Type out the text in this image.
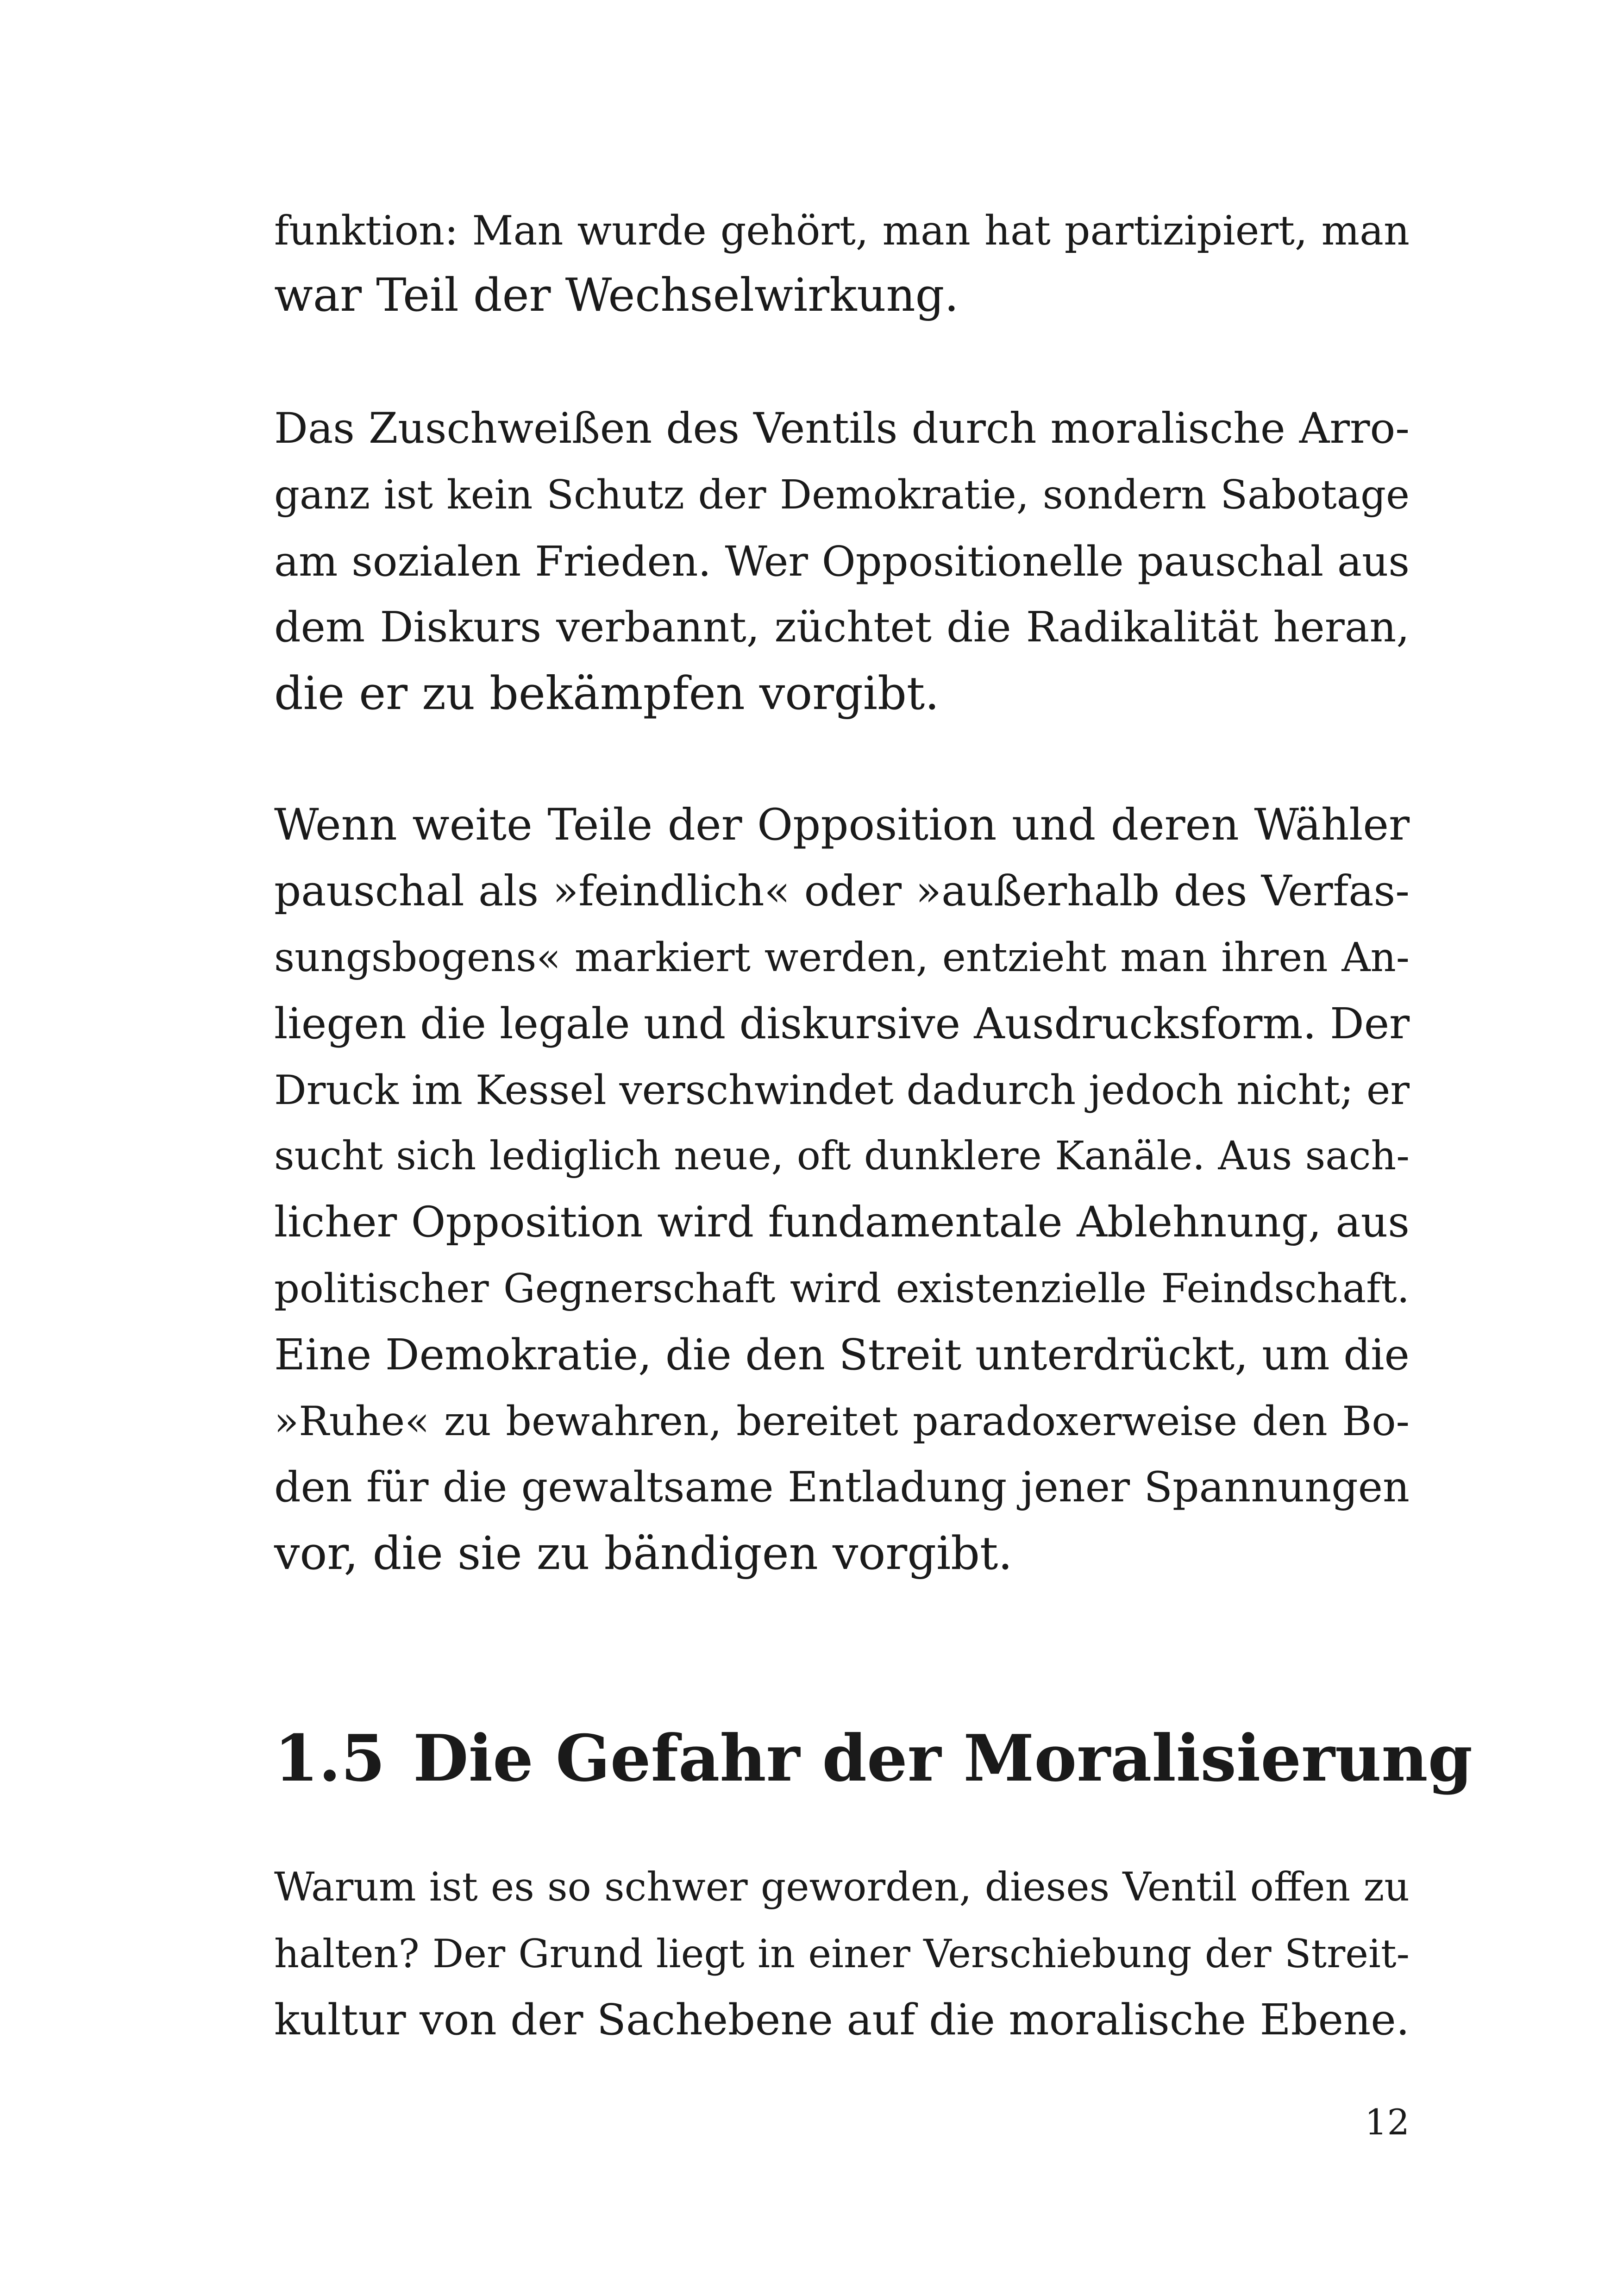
funktion: Man wurde gehört, man hat partizipiert, man
war Teil der Wechselwirkung.
Das Zuschweißen des Ventils durch moralische Arro-
ganz ist kein Schutz der Demokratie, sondern Sabotage
am sozialen Frieden. Wer Oppositionelle pauschal aus
dem Diskurs verbannt, züchtet die Radikalität heran,
die er zu bekämpfen vorgibt.
Wenn weite Teile der Opposition und deren Wähler
pauschal als »feindlich« oder »außerhalb des Verfas-
sungsbogens« markiert werden, entzieht man ihren An-
liegen die legale und diskursive Ausdrucksform. Der
Druck im Kessel verschwindet dadurch jedoch nicht; er
sucht sich lediglich neue, oft dunklere Kanäle. Aus sach-
licher Opposition wird fundamentale Ablehnung, aus
politischer Gegnerschaft wird existenzielle Feindschaft.
Eine Demokratie, die den Streit unterdrückt, um die
»Ruhe« zu bewahren, bereitet paradoxerweise den Bo-
den für die gewaltsame Entladung jener Spannungen
vor, die sie zu bändigen vorgibt.
1.5 Die Gefahr der Moralisierung
Warum ist es so schwer geworden, dieses Ventil offen zu
halten? Der Grund liegt in einer Verschiebung der Streit-
kultur von der Sachebene auf die moralische Ebene.
12
